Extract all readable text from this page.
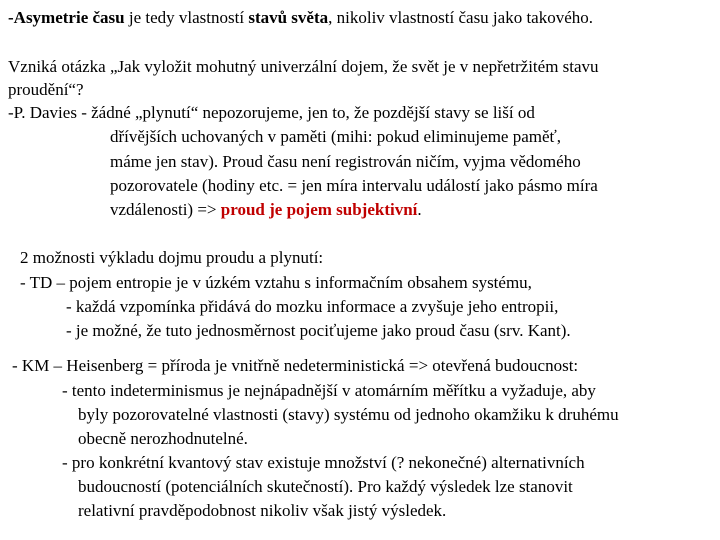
-Asymetrie času je tedy vlastností stavů světa, nikoliv vlastností času jako takového.
Vzniká otázka „Jak vyložit mohutný univerzální dojem, že svět je v nepřetržitém stavu
proudění“?
-P. Davies - žádné „plynutí“ nepozorujeme, jen to, že pozdější stavy se liší od
dřívějších uchovaných v paměti (mihi: pokud eliminujeme paměť,
máme jen stav). Proud času není registrován ničím, vyjma vědomého
pozorovatele (hodiny etc. = jen míra intervalu událostí jako pásmo míra
vzdálenosti) => proud je pojem subjektivní.
2 možnosti výkladu dojmu proudu a plynutí:
- TD – pojem entropie je v úzkém vztahu s informačním obsahem systému,
- každá vzpomínka přidává do mozku informace a zvyšuje jeho entropii,
- je možné, že tuto jednosměrnost pociťujeme jako proud času (srv. Kant).
- KM – Heisenberg = příroda je vnitřně nedeterministická => otevřená budoucnost:
- tento indeterminismus je nejnápadnější v atomárním měřítku a vyžaduje, aby
byly pozorovatelné vlastnosti (stavy) systému od jednoho okamžiku k druhému
obecně nerozhodnutelné.
- pro konkrétní kvantový stav existuje množství (? nekonečné) alternativních
budoucností (potenciálních skutečností). Pro každý výsledek lze stanovit
relativní pravděpodobnost nikoliv však jistý výsledek.
